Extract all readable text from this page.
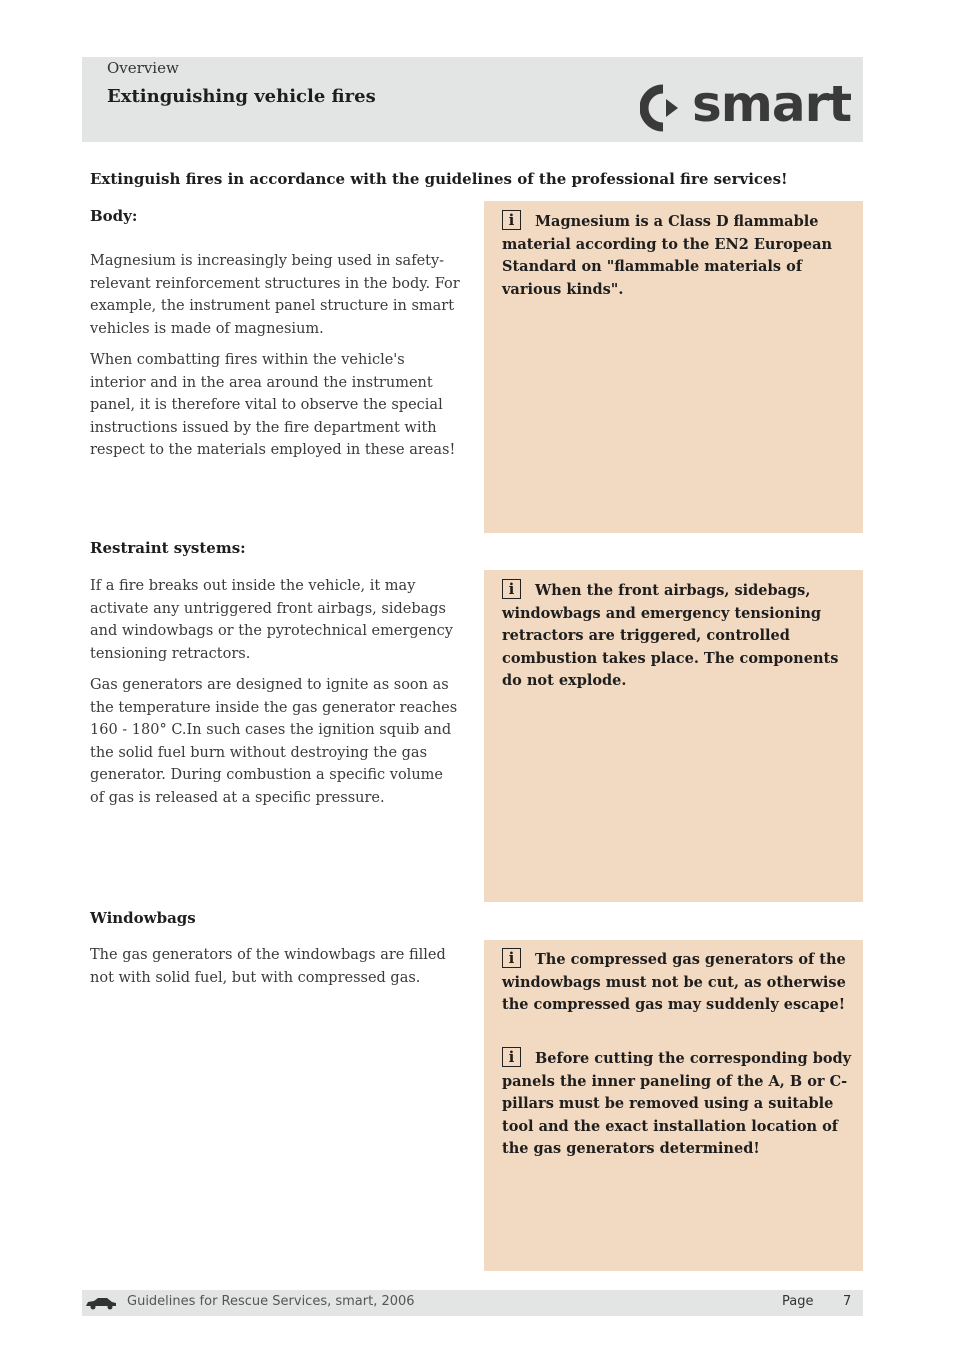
Overview
Extinguishing vehicle fires	smart
Extinguish fires in accordance with the guidelines of the professional fire services!
Body:

Magnesium is increasingly being used in safety-relevant reinforcement structures in the body. For example, the instrument panel structure in smart vehicles is made of magnesium.

When combatting fires within the vehicle's interior and in the area around the instrument panel, it is therefore vital to observe the special instructions issued by the fire department with respect to the materials employed in these areas!

i Magnesium is a Class D flammable material according to the EN2 European Standard on "flammable materials of various kinds".

Restraint systems:

If a fire breaks out inside the vehicle, it may activate any untriggered front airbags, sidebags and windowbags or the pyrotechnical emergency tensioning retractors.

Gas generators are designed to ignite as soon as the temperature inside the gas generator reaches 160 - 180° C.In such cases the ignition squib and the solid fuel burn without destroying the gas generator. During combustion a specific volume of gas is released at a specific pressure.

i When the front airbags, sidebags, windowbags and emergency tensioning retractors are triggered, controlled combustion takes place. The components do not explode.

Windowbags

The gas generators of the windowbags are filled not with solid fuel, but with compressed gas.

i The compressed gas generators of the windowbags must not be cut, as otherwise the compressed gas may suddenly escape!

i Before cutting the corresponding body panels the inner paneling of the A, B or C-pillars must be removed using a suitable tool and the exact installation location of the gas generators determined!

Guidelines for Rescue Services, smart, 2006	Page 7
